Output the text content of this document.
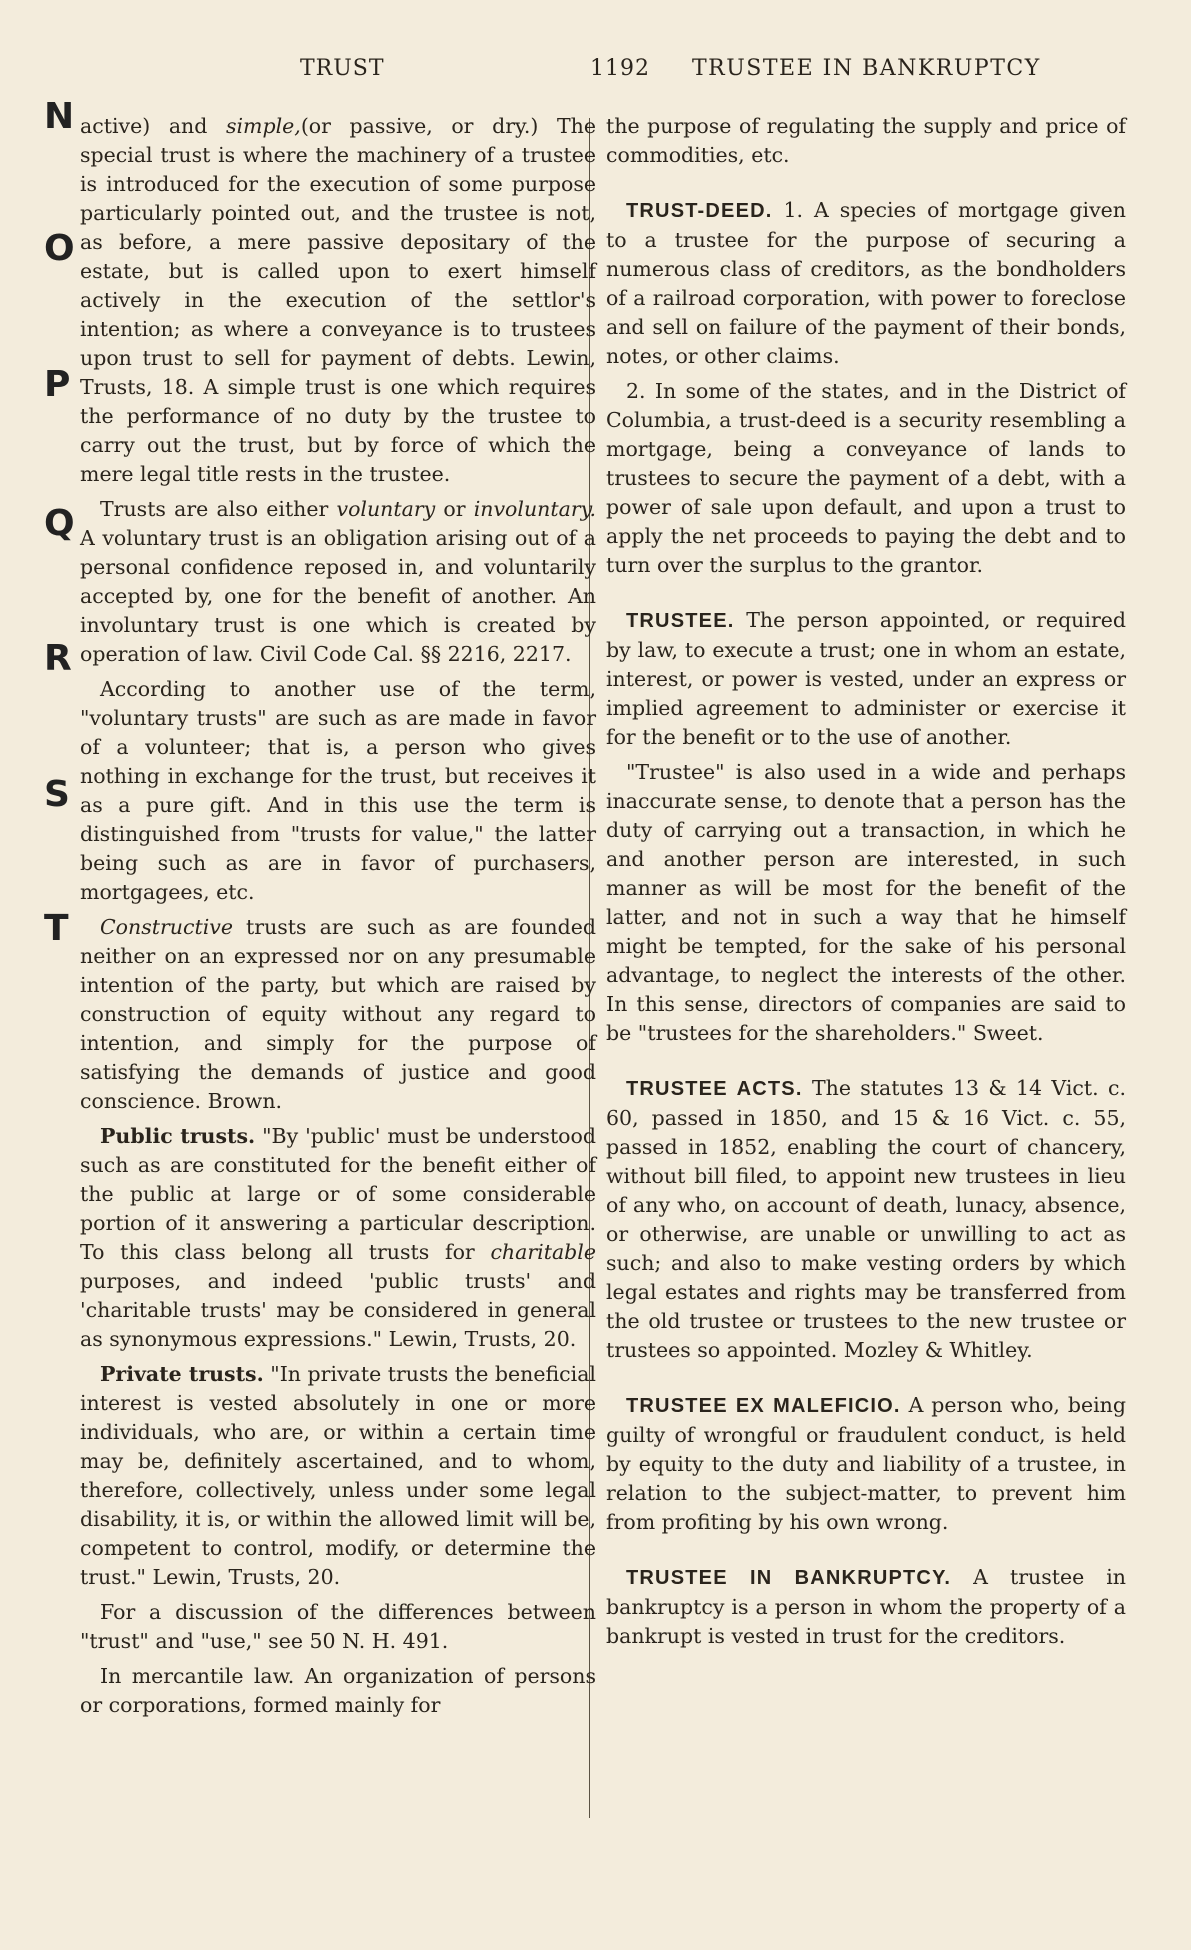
TRUST	1192 TRUSTEE IN BANKRUPTCY
N
O
P
Q
R
S
T

active) and simple,(or passive, or dry.) The special trust is where the machinery of a trustee is introduced for the execution of some purpose particularly pointed out, and the trustee is not, as before, a mere passive depositary of the estate, but is called upon to exert himself actively in the execution of the settlor's intention; as where a conveyance is to trustees upon trust to sell for payment of debts. Lewin, Trusts, 18. A simple trust is one which requires the performance of no duty by the trustee to carry out the trust, but by force of which the mere legal title rests in the trustee.

Trusts are also either voluntary or involuntary. A voluntary trust is an obligation arising out of a personal confidence reposed in, and voluntarily accepted by, one for the benefit of another. An involuntary trust is one which is created by operation of law. Civil Code Cal. §§ 2216, 2217.

According to another use of the term, "voluntary trusts" are such as are made in favor of a volunteer; that is, a person who gives nothing in exchange for the trust, but receives it as a pure gift. And in this use the term is distinguished from "trusts for value," the latter being such as are in favor of purchasers, mortgagees, etc.

Constructive trusts are such as are founded neither on an expressed nor on any presumable intention of the party, but which are raised by construction of equity without any regard to intention, and simply for the purpose of satisfying the demands of justice and good conscience. Brown.

Public trusts. "By 'public' must be understood such as are constituted for the benefit either of the public at large or of some considerable portion of it answering a particular description. To this class belong all trusts for charitable purposes, and indeed 'public trusts' and 'charitable trusts' may be considered in general as synonymous expressions." Lewin, Trusts, 20.

Private trusts. "In private trusts the beneficial interest is vested absolutely in one or more individuals, who are, or within a certain time may be, definitely ascertained, and to whom, therefore, collectively, unless under some legal disability, it is, or within the allowed limit will be, competent to control, modify, or determine the trust." Lewin, Trusts, 20.

For a discussion of the differences between "trust" and "use," see 50 N. H. 491.

In mercantile law. An organization of persons or corporations, formed mainly for

the purpose of regulating the supply and price of commodities, etc.

TRUST-DEED. 1. A species of mortgage given to a trustee for the purpose of securing a numerous class of creditors, as the bondholders of a railroad corporation, with power to foreclose and sell on failure of the payment of their bonds, notes, or other claims.

2. In some of the states, and in the District of Columbia, a trust-deed is a security resembling a mortgage, being a conveyance of lands to trustees to secure the payment of a debt, with a power of sale upon default, and upon a trust to apply the net proceeds to paying the debt and to turn over the surplus to the grantor.

TRUSTEE. The person appointed, or required by law, to execute a trust; one in whom an estate, interest, or power is vested, under an express or implied agreement to administer or exercise it for the benefit or to the use of another.

"Trustee" is also used in a wide and perhaps inaccurate sense, to denote that a person has the duty of carrying out a transaction, in which he and another person are interested, in such manner as will be most for the benefit of the latter, and not in such a way that he himself might be tempted, for the sake of his personal advantage, to neglect the interests of the other. In this sense, directors of companies are said to be "trustees for the shareholders." Sweet.

TRUSTEE ACTS. The statutes 13 & 14 Vict. c. 60, passed in 1850, and 15 & 16 Vict. c. 55, passed in 1852, enabling the court of chancery, without bill filed, to appoint new trustees in lieu of any who, on account of death, lunacy, absence, or otherwise, are unable or unwilling to act as such; and also to make vesting orders by which legal estates and rights may be transferred from the old trustee or trustees to the new trustee or trustees so appointed. Mozley & Whitley.

TRUSTEE EX MALEFICIO. A person who, being guilty of wrongful or fraudulent conduct, is held by equity to the duty and liability of a trustee, in relation to the subject-matter, to prevent him from profiting by his own wrong.

TRUSTEE IN BANKRUPTCY. A trustee in bankruptcy is a person in whom the property of a bankrupt is vested in trust for the creditors.
